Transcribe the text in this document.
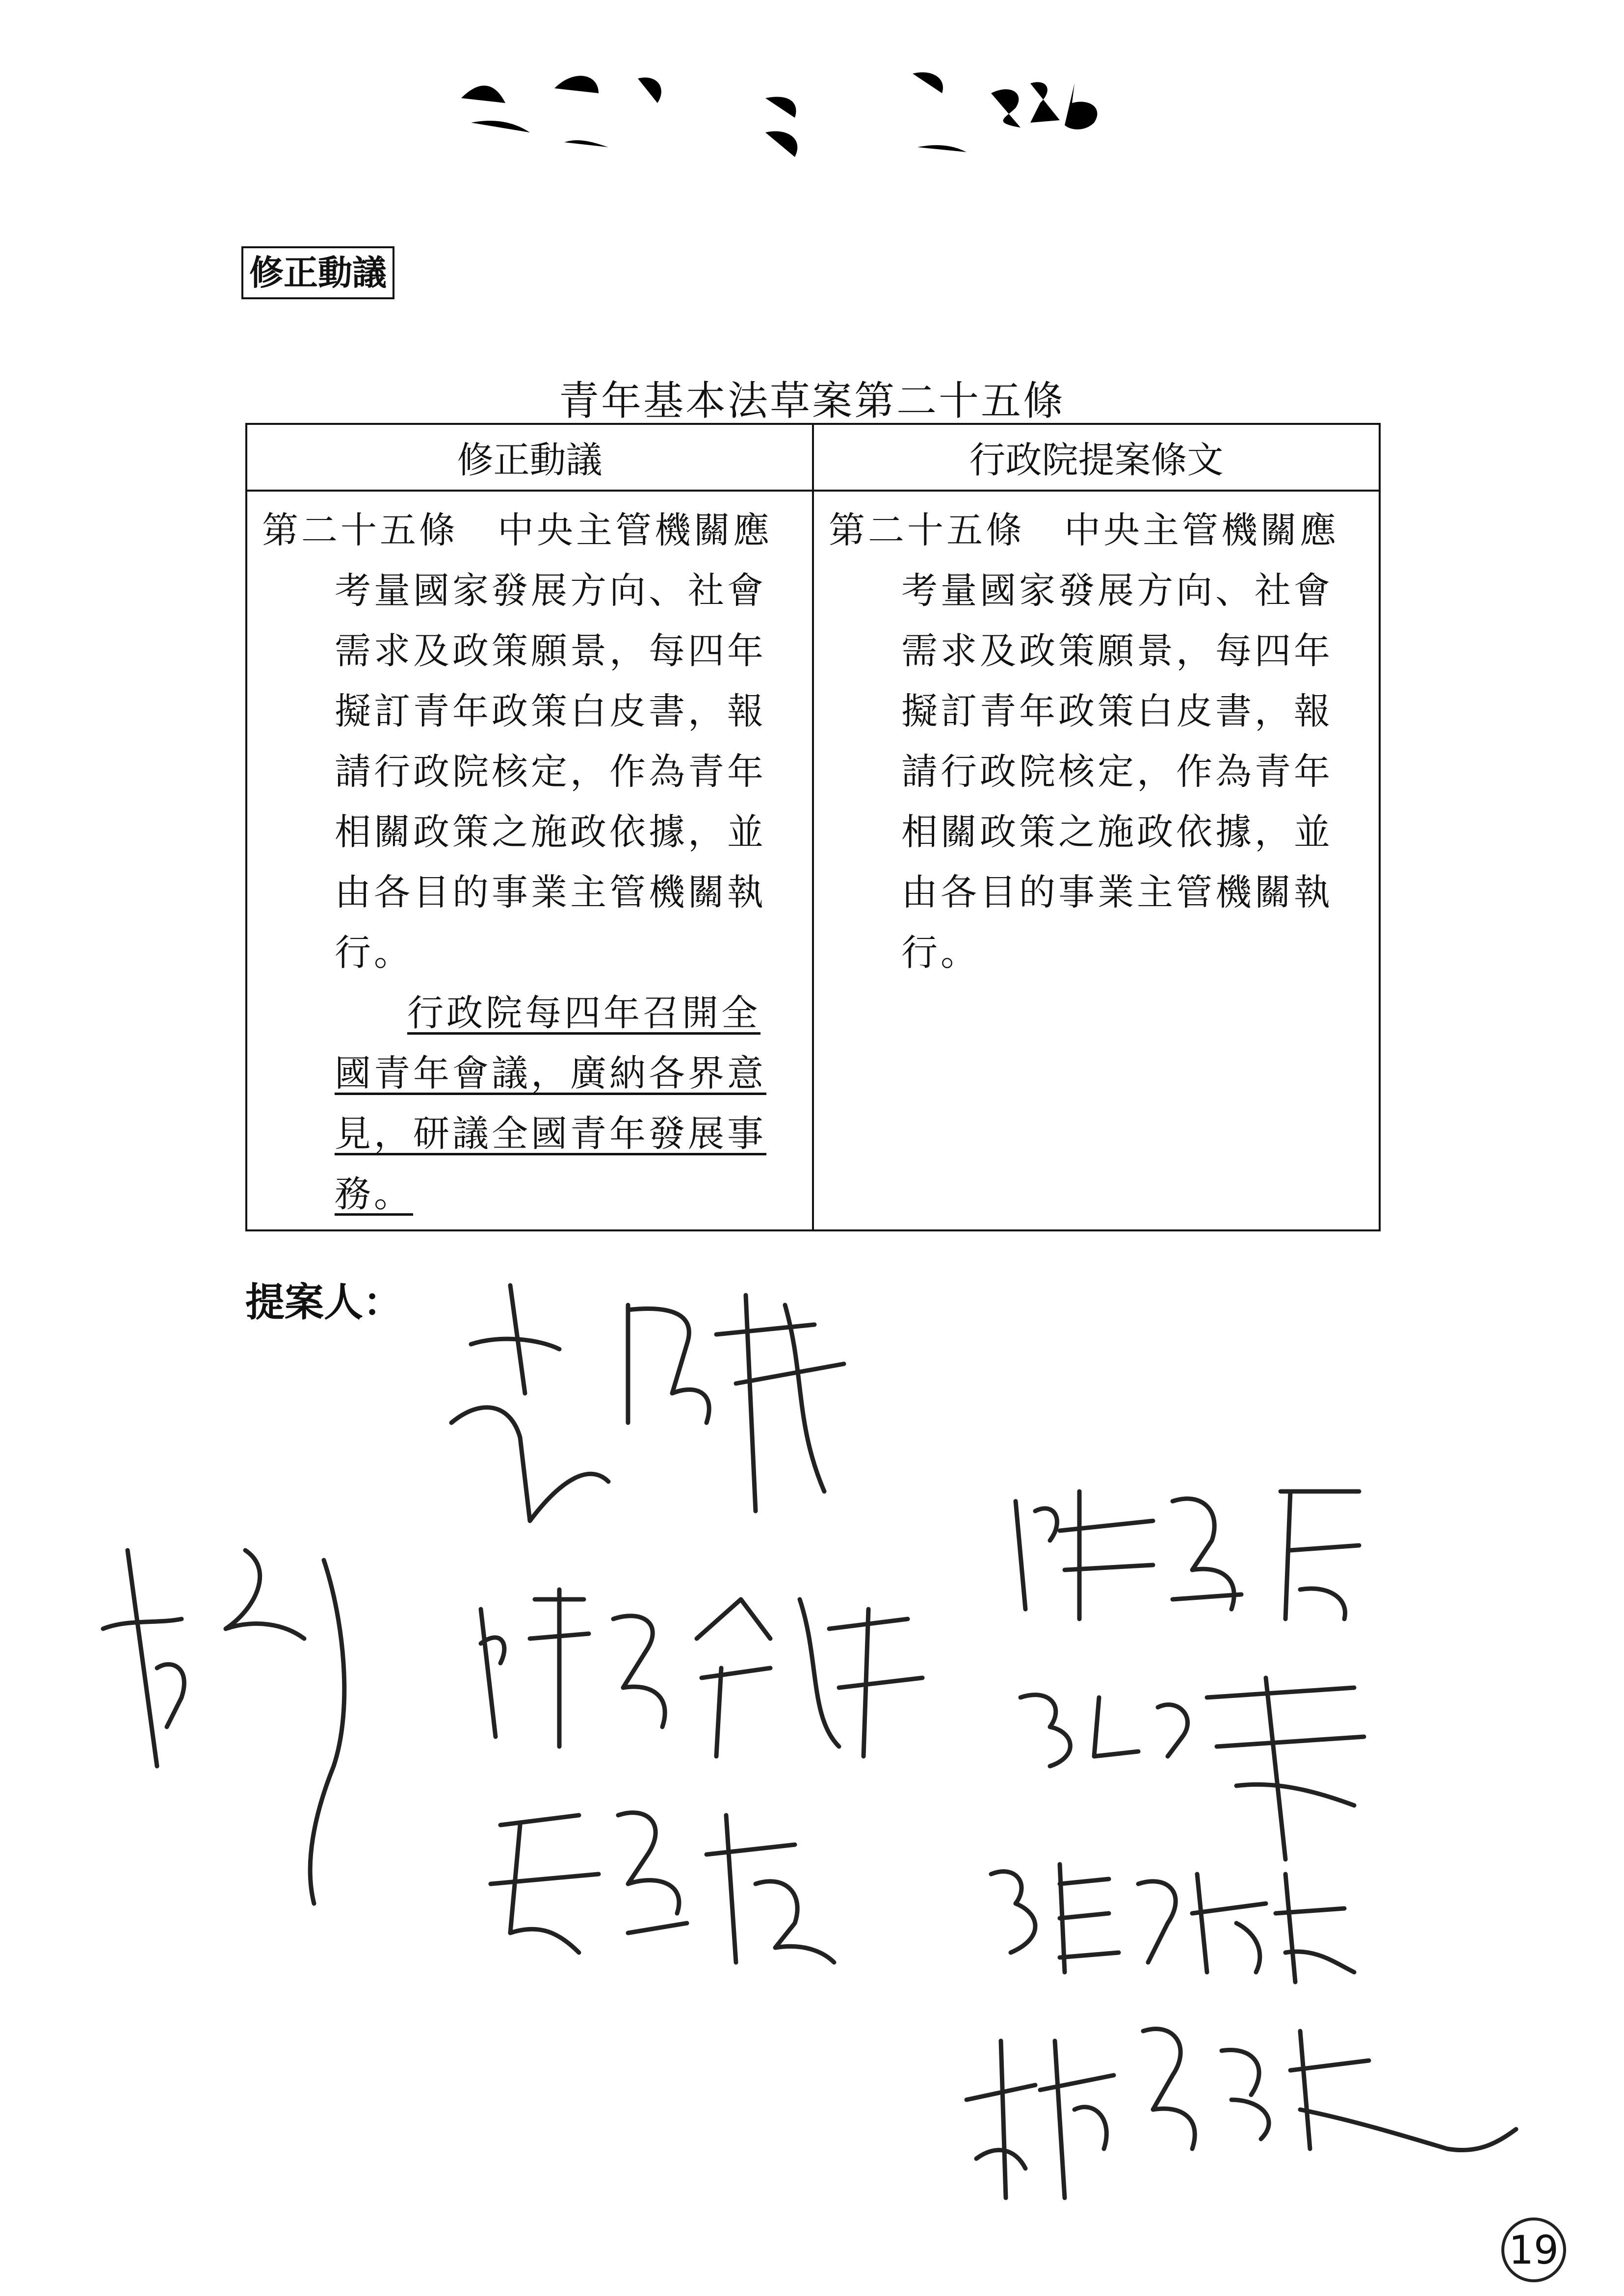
修正動議
青年基本法草案第二十五條
修正動議	行政院提案條文

第二十五條　中央主管機關應考量國家發展方向、社會需求及政策願景，每四年擬訂青年政策白皮書，報請行政院核定，作為青年相關政策之施政依據，並由各目的事業主管機關執行。

行政院每四年召開全國青年會議，廣納各界意見，研議全國青年發展事務。	第二十五條　中央主管機關應考量國家發展方向、社會需求及政策願景，每四年擬訂青年政策白皮書，報請行政院核定，作為青年相關政策之施政依據，並由各目的事業主管機關執行。

提案人：
19
